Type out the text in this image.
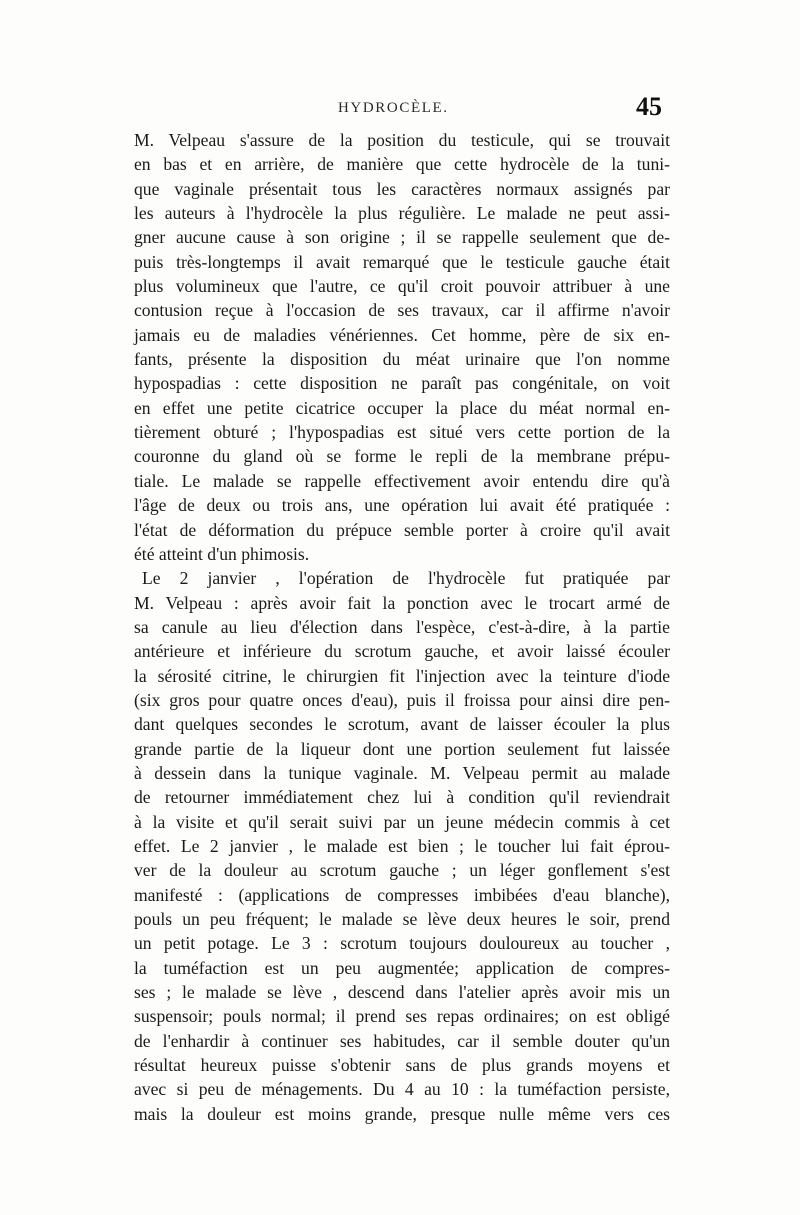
HYDROCÈLE.	45
M. Velpeau s'assure de la position du testicule, qui se trouvait
en bas et en arrière, de manière que cette hydrocèle de la tuni-
que vaginale présentait tous les caractères normaux assignés par
les auteurs à l'hydrocèle la plus régulière. Le malade ne peut assi-
gner aucune cause à son origine ; il se rappelle seulement que de-
puis très-longtemps il avait remarqué que le testicule gauche était
plus volumineux que l'autre, ce qu'il croit pouvoir attribuer à une
contusion reçue à l'occasion de ses travaux, car il affirme n'avoir
jamais eu de maladies vénériennes. Cet homme, père de six en-
fants, présente la disposition du méat urinaire que l'on nomme
hypospadias : cette disposition ne paraît pas congénitale, on voit
en effet une petite cicatrice occuper la place du méat normal en-
tièrement obturé ; l'hypospadias est situé vers cette portion de la
couronne du gland où se forme le repli de la membrane prépu-
tiale. Le malade se rappelle effectivement avoir entendu dire qu'à
l'âge de deux ou trois ans, une opération lui avait été pratiquée :
l'état de déformation du prépuce semble porter à croire qu'il avait
été atteint d'un phimosis.
Le 2 janvier , l'opération de l'hydrocèle fut pratiquée par
M. Velpeau : après avoir fait la ponction avec le trocart armé de
sa canule au lieu d'élection dans l'espèce, c'est-à-dire, à la partie
antérieure et inférieure du scrotum gauche, et avoir laissé écouler
la sérosité citrine, le chirurgien fit l'injection avec la teinture d'iode
(six gros pour quatre onces d'eau), puis il froissa pour ainsi dire pen-
dant quelques secondes le scrotum, avant de laisser écouler la plus
grande partie de la liqueur dont une portion seulement fut laissée
à dessein dans la tunique vaginale. M. Velpeau permit au malade
de retourner immédiatement chez lui à condition qu'il reviendrait
à la visite et qu'il serait suivi par un jeune médecin commis à cet
effet. Le 2 janvier , le malade est bien ; le toucher lui fait éprou-
ver de la douleur au scrotum gauche ; un léger gonflement s'est
manifesté : (applications de compresses imbibées d'eau blanche),
pouls un peu fréquent; le malade se lève deux heures le soir, prend
un petit potage. Le 3 : scrotum toujours douloureux au toucher ,
la tuméfaction est un peu augmentée; application de compres-
ses ; le malade se lève , descend dans l'atelier après avoir mis un
suspensoir; pouls normal; il prend ses repas ordinaires; on est obligé
de l'enhardir à continuer ses habitudes, car il semble douter qu'un
résultat heureux puisse s'obtenir sans de plus grands moyens et
avec si peu de ménagements. Du 4 au 10 : la tuméfaction persiste,
mais la douleur est moins grande, presque nulle même vers ces
